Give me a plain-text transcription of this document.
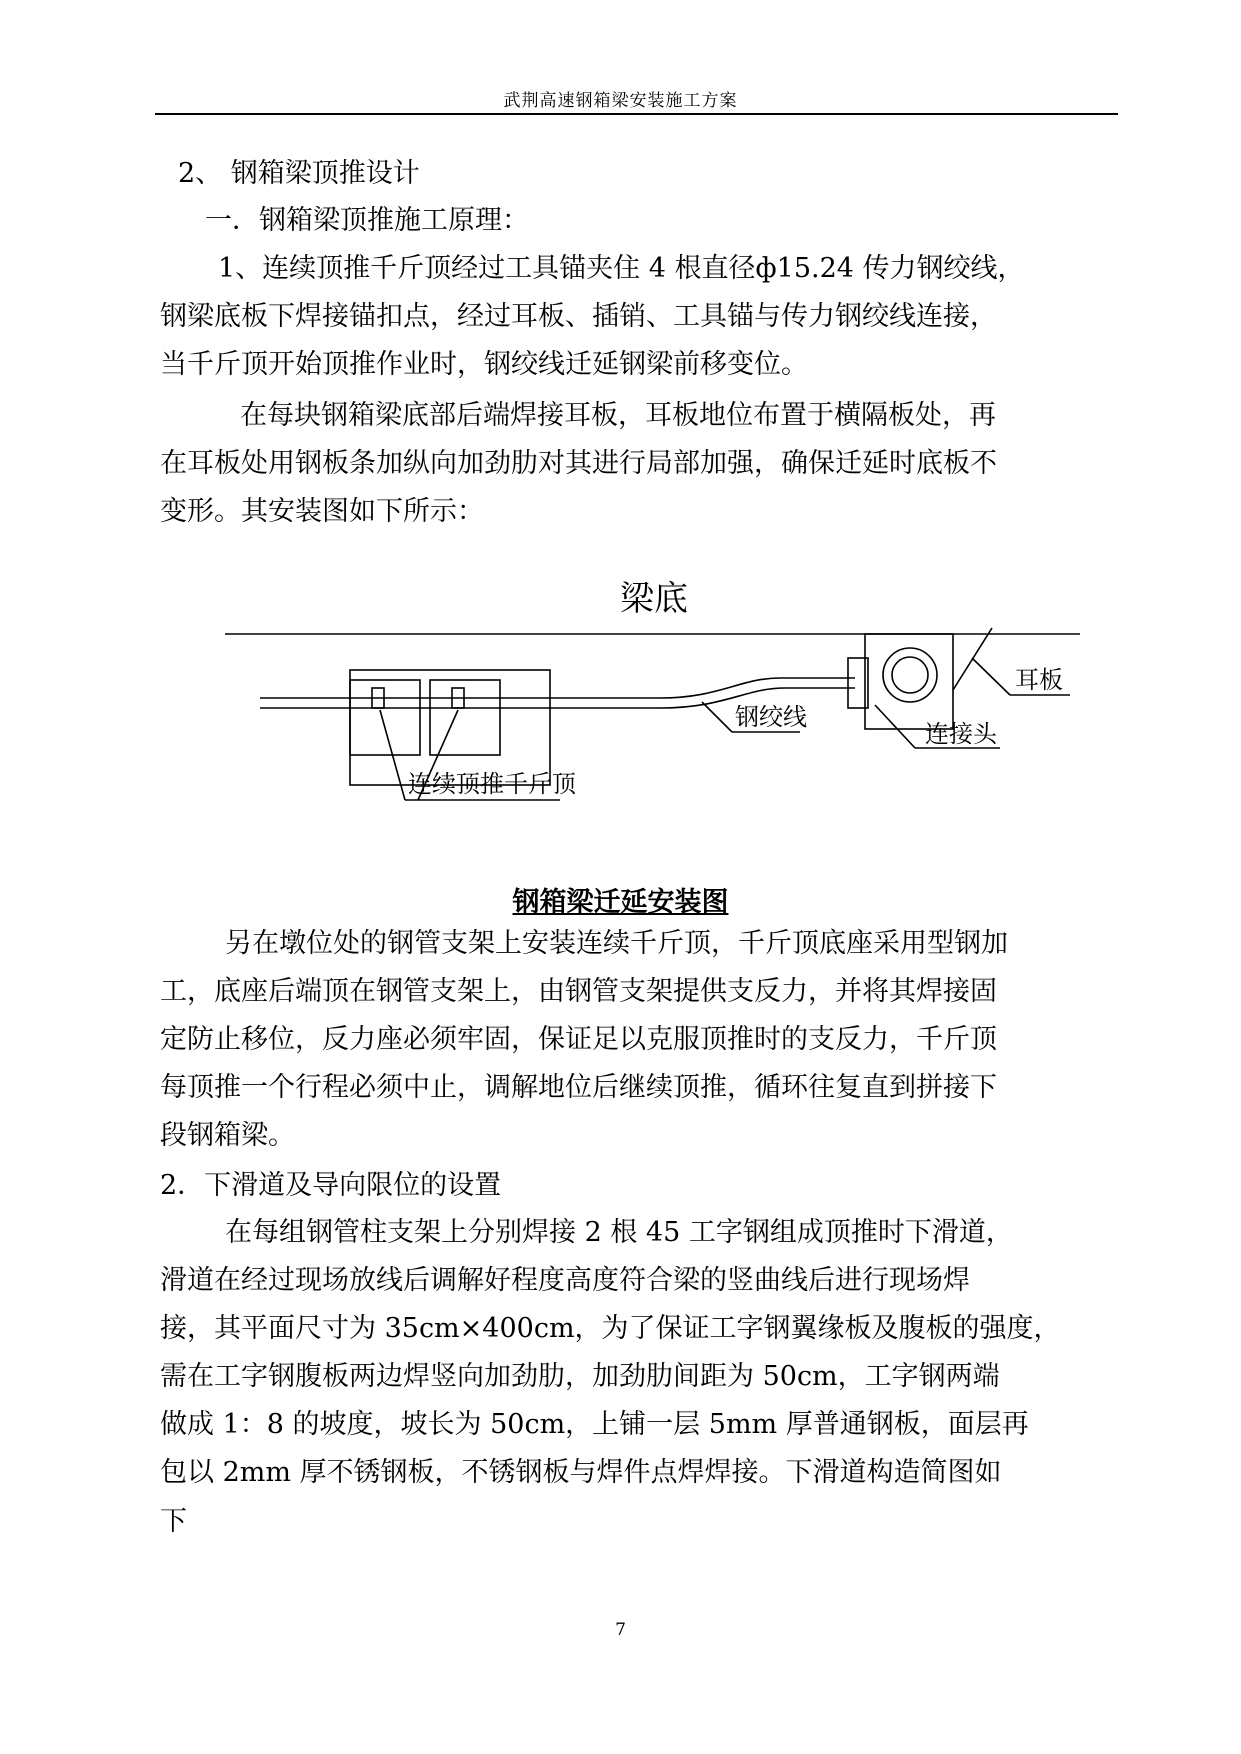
武荆高速钢箱梁安装施工方案
2、 钢箱梁顶推设计
一．钢箱梁顶推施工原理：
1、连续顶推千斤顶经过工具锚夹住 4 根直径ф15.24 传力钢绞线，
钢梁底板下焊接锚扣点，经过耳板、插销、工具锚与传力钢绞线连接，
当千斤顶开始顶推作业时，钢绞线迁延钢梁前移变位。
在每块钢箱梁底部后端焊接耳板，耳板地位布置于横隔板处，再
在耳板处用钢板条加纵向加劲肋对其进行局部加强，确保迁延时底板不
变形。其安装图如下所示：
梁底
耳板
钢绞线
连接头
连续顶推千斤顶
钢箱梁迁延安装图
另在墩位处的钢管支架上安装连续千斤顶，千斤顶底座采用型钢加
工，底座后端顶在钢管支架上，由钢管支架提供支反力，并将其焊接固
定防止移位，反力座必须牢固，保证足以克服顶推时的支反力，千斤顶
每顶推一个行程必须中止，调解地位后继续顶推，循环往复直到拼接下
段钢箱梁。
2．下滑道及导向限位的设置
在每组钢管柱支架上分别焊接 2 根 45 工字钢组成顶推时下滑道，
滑道在经过现场放线后调解好程度高度符合梁的竖曲线后进行现场焊
接，其平面尺寸为 35cm×400cm，为了保证工字钢翼缘板及腹板的强度，
需在工字钢腹板两边焊竖向加劲肋，加劲肋间距为 50cm，工字钢两端
做成 1：8 的坡度，坡长为 50cm，上铺一层 5mm 厚普通钢板，面层再
包以 2mm 厚不锈钢板，不锈钢板与焊件点焊焊接。下滑道构造简图如
下
7
